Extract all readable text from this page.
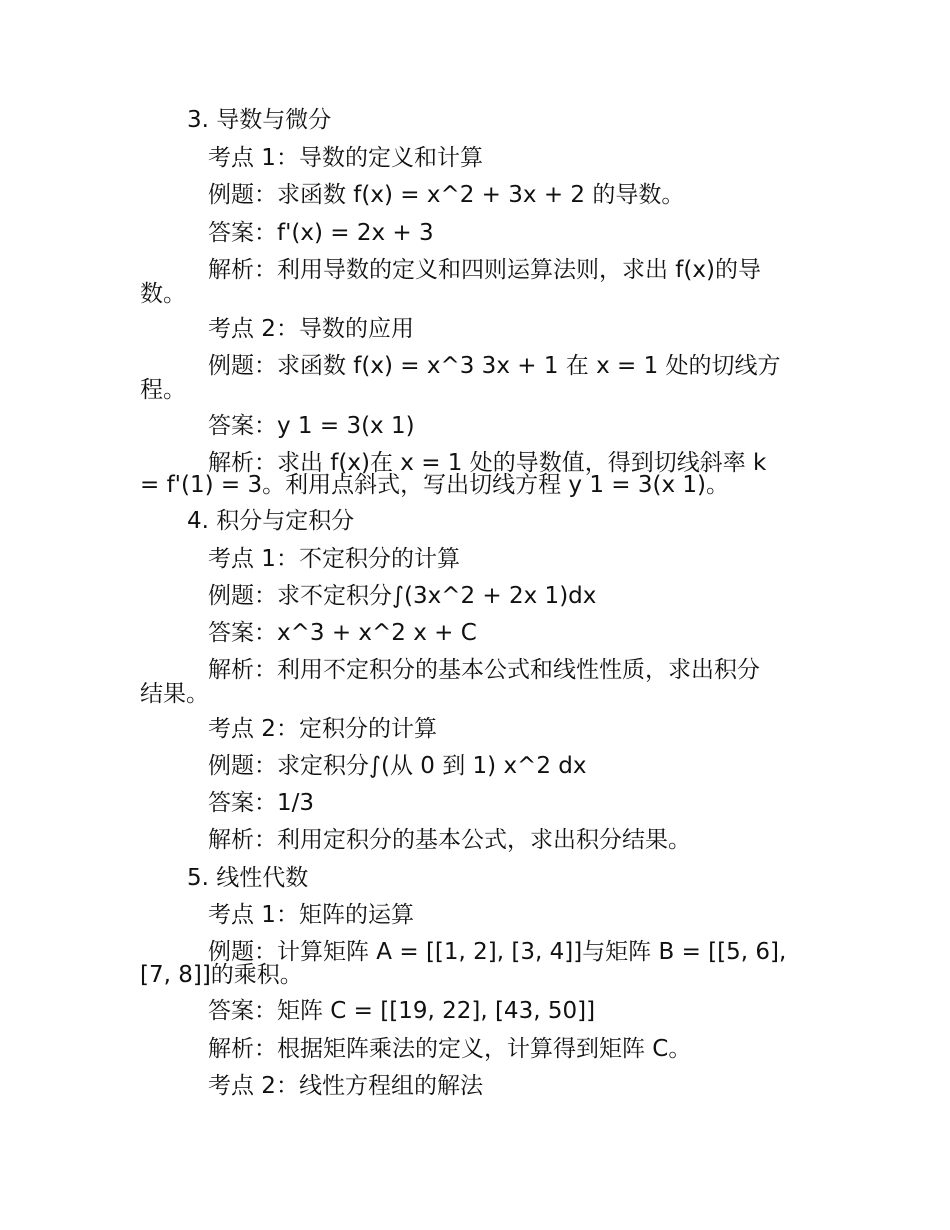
3. 导数与微分
考点 1：导数的定义和计算
例题：求函数 f(x) = x^2 + 3x + 2 的导数。
答案：f'(x) = 2x + 3
解析：利用导数的定义和四则运算法则，求出 f(x)的导
数。
考点 2：导数的应用
例题：求函数 f(x) = x^3 3x + 1 在 x = 1 处的切线方
程。
答案：y 1 = 3(x 1)
解析：求出 f(x)在 x = 1 处的导数值，得到切线斜率 k
= f'(1) = 3。利用点斜式，写出切线方程 y 1 = 3(x 1)。
4. 积分与定积分
考点 1：不定积分的计算
例题：求不定积分∫(3x^2 + 2x 1)dx
答案：x^3 + x^2 x + C
解析：利用不定积分的基本公式和线性性质，求出积分
结果。
考点 2：定积分的计算
例题：求定积分∫(从 0 到 1) x^2 dx
答案：1/3
解析：利用定积分的基本公式，求出积分结果。
5. 线性代数
考点 1：矩阵的运算
例题：计算矩阵 A = [[1, 2], [3, 4]]与矩阵 B = [[5, 6],
[7, 8]]的乘积。
答案：矩阵 C = [[19, 22], [43, 50]]
解析：根据矩阵乘法的定义，计算得到矩阵 C。
考点 2：线性方程组的解法
